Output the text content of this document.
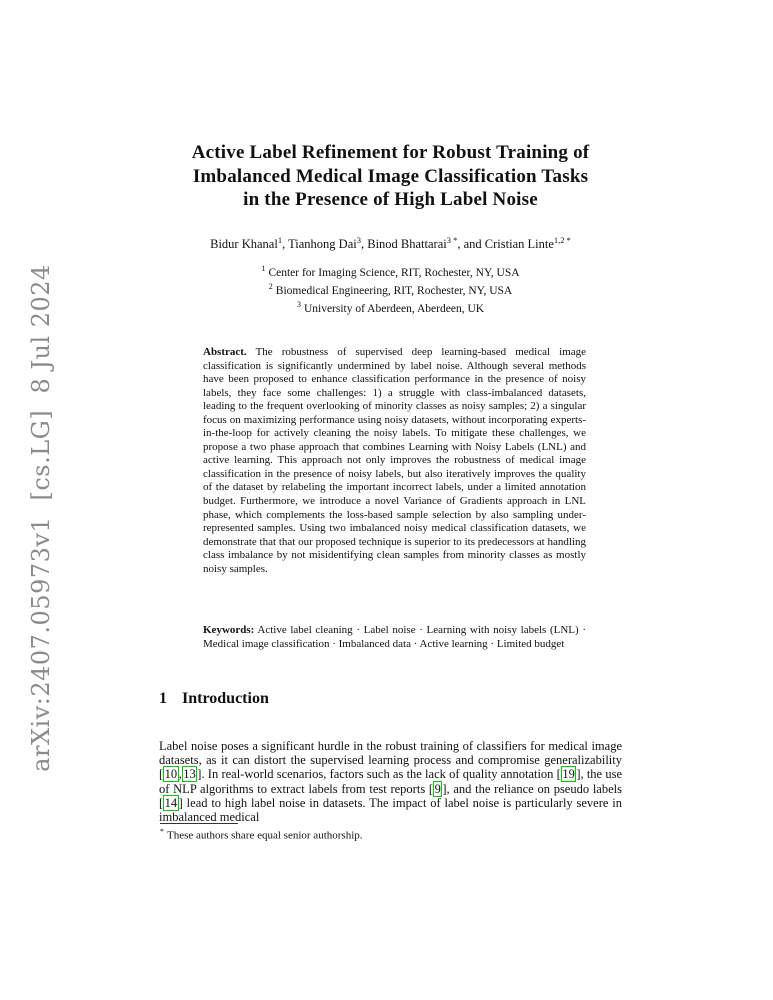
arXiv:2407.05973v1  [cs.LG]  8 Jul 2024
Active Label Refinement for Robust Training of
Imbalanced Medical Image Classification Tasks
in the Presence of High Label Noise
Bidur Khanal$^1$, Tianhong Dai$^3$, Binod Bhattarai$^{3 *}$, and Cristian Linte$^{1,2 *}$
$^1$ Center for Imaging Science, RIT, Rochester, NY, USA
$^2$ Biomedical Engineering, RIT, Rochester, NY, USA
$^3$ University of Aberdeen, Aberdeen, UK
Abstract. The robustness of supervised deep learning-based medical image classification is significantly undermined by label noise. Although several methods have been proposed to enhance classification performance in the presence of noisy labels, they face some challenges: 1) a struggle with class-imbalanced datasets, leading to the frequent overlooking of minority classes as noisy samples; 2) a singular focus on maximizing performance using noisy datasets, without incorporating experts-in-the-loop for actively cleaning the noisy labels. To mitigate these challenges, we propose a two phase approach that combines Learning with Noisy Labels (LNL) and active learning. This approach not only improves the robustness of medical image classification in the presence of noisy labels, but also iteratively improves the quality of the dataset by relabeling the important incorrect labels, under a limited annotation budget. Furthermore, we introduce a novel Variance of Gradients approach in LNL phase, which complements the loss-based sample selection by also sampling under-represented samples. Using two imbalanced noisy medical classification datasets, we demonstrate that that our proposed technique is superior to its predecessors at handling class imbalance by not misidentifying clean samples from minority classes as mostly noisy samples.
Keywords: Active label cleaning · Label noise · Learning with noisy labels (LNL) · Medical image classification · Imbalanced data · Active learning · Limited budget
1 Introduction

Label noise poses a significant hurdle in the robust training of classifiers for medical image datasets, as it can distort the supervised learning process and compromise generalizability [ 10 , 13 ]. In real-world scenarios, factors such as the lack of quality annotation [ 19 ], the use of NLP algorithms to extract labels from test reports [ 9 ], and the reliance on pseudo labels [ 14 ] lead to high label noise in datasets. The impact of label noise is particularly severe in imbalanced medical

* These authors share equal senior authorship.
